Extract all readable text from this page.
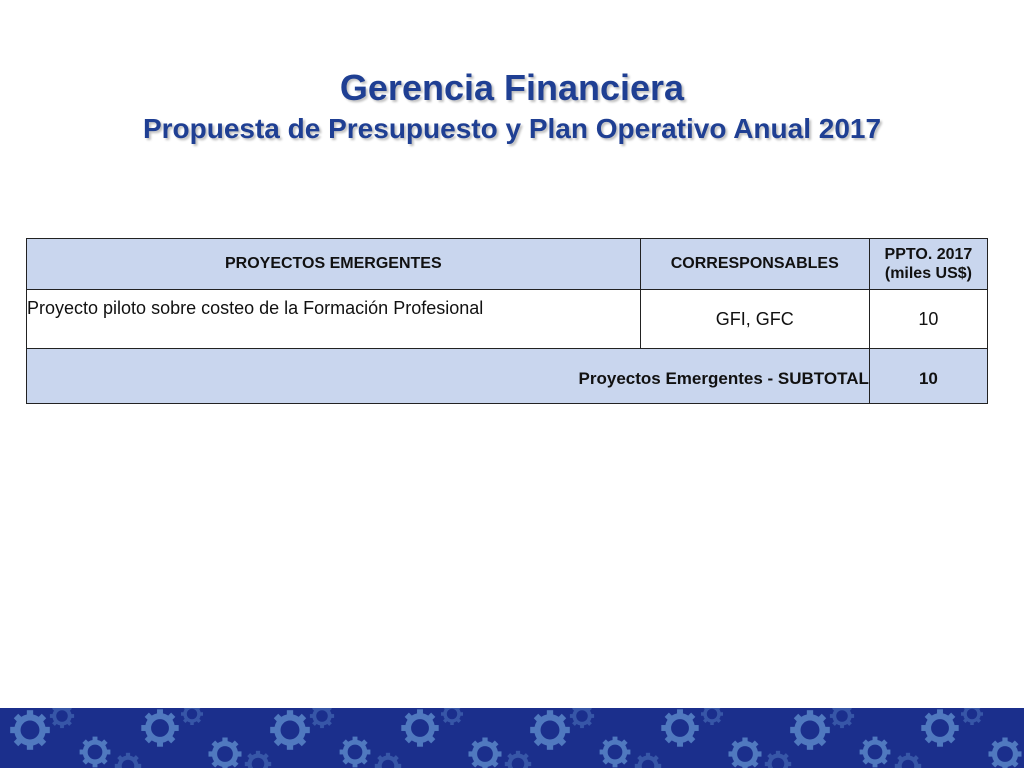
Gerencia Financiera
Propuesta de Presupuesto y Plan Operativo Anual 2017
PROYECTOS EMERGENTES	CORRESPONSABLES	PPTO. 2017
(miles US$)

Proyecto piloto sobre costeo de la Formación Profesional	GFI, GFC	10
Proyectos Emergentes - SUBTOTAL		10
